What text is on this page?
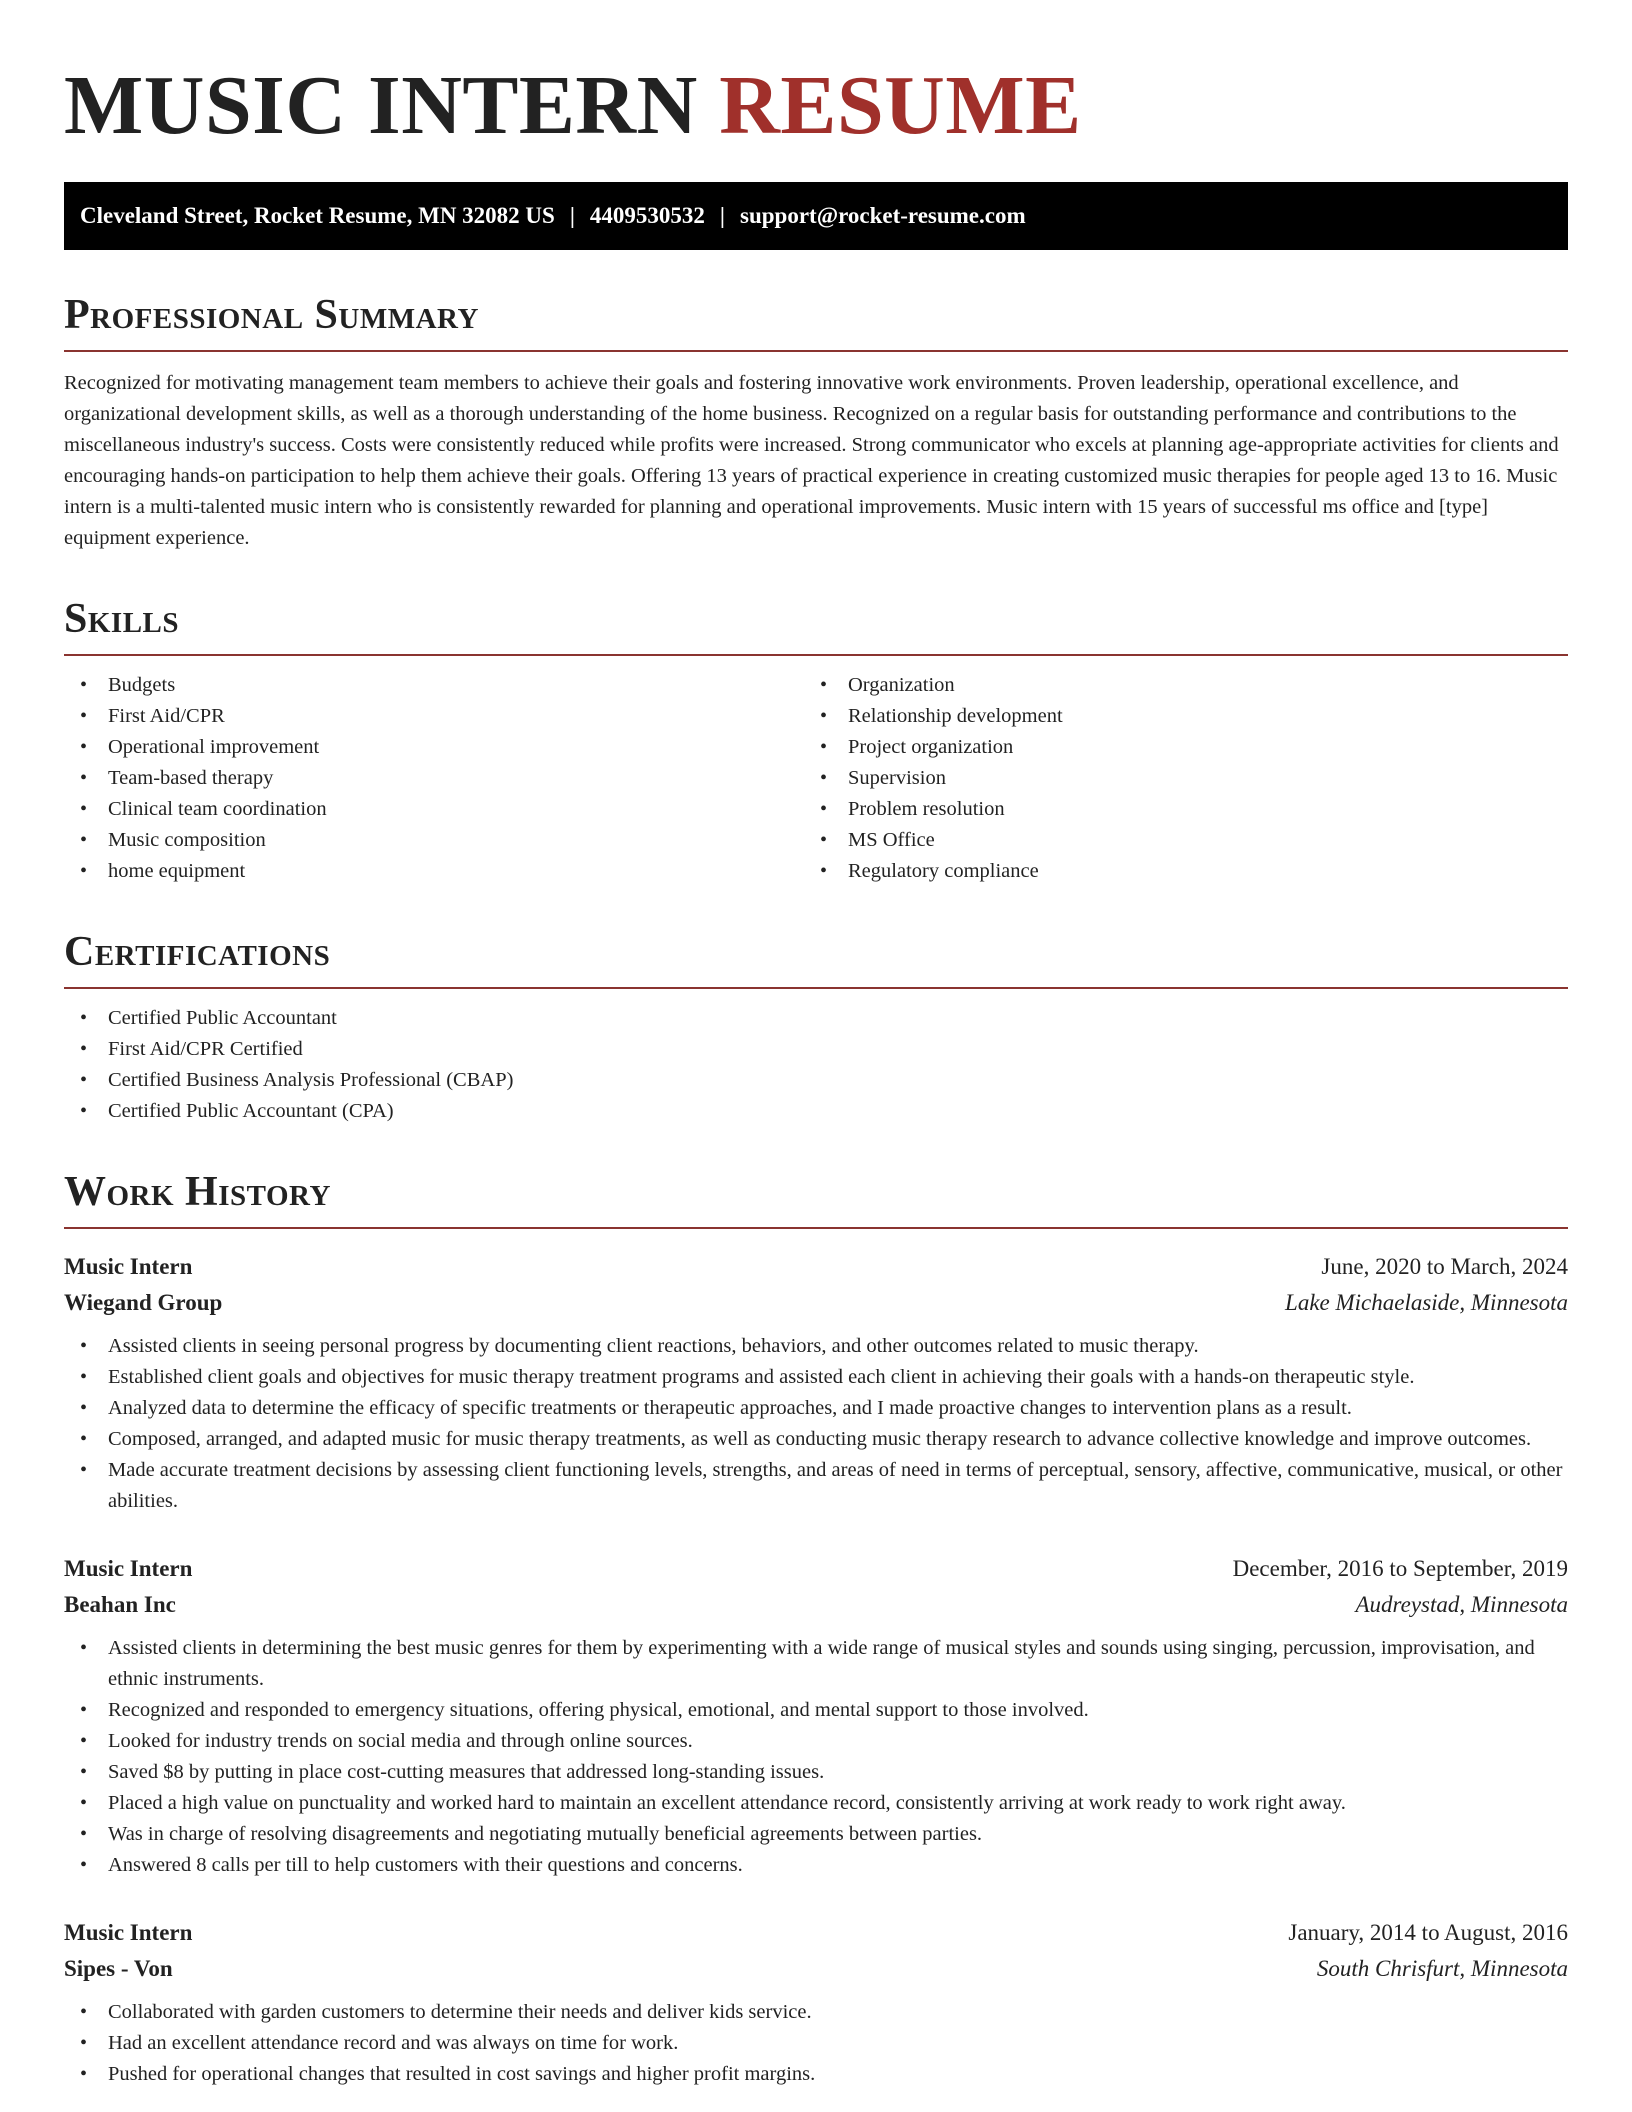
MUSIC INTERN RESUME
Cleveland Street, Rocket Resume, MN 32082 US | 4409530532 | support@rocket-resume.com
Professional Summary

Recognized for motivating management team members to achieve their goals and fostering innovative work environments. Proven leadership, operational excellence, and organizational development skills, as well as a thorough understanding of the home business. Recognized on a regular basis for outstanding performance and contributions to the miscellaneous industry's success. Costs were consistently reduced while profits were increased. Strong communicator who excels at planning age-appropriate activities for clients and encouraging hands-on participation to help them achieve their goals. Offering 13 years of practical experience in creating customized music therapies for people aged 13 to 16. Music intern is a multi-talented music intern who is consistently rewarded for planning and operational improvements. Music intern with 15 years of successful ms office and [type] equipment experience.

Skills
• Budgets
• First Aid/CPR
• Operational improvement
• Team-based therapy
• Clinical team coordination
• Music composition
• home equipment
• Organization
• Relationship development
• Project organization
• Supervision
• Problem resolution
• MS Office
• Regulatory compliance
Certifications
• Certified Public Accountant
• First Aid/CPR Certified
• Certified Business Analysis Professional (CBAP)
• Certified Public Accountant (CPA)
Work History
Music Intern	June, 2020 to March, 2024
Wiegand Group	Lake Michaelaside, Minnesota
• Assisted clients in seeing personal progress by documenting client reactions, behaviors, and other outcomes related to music therapy.
• Established client goals and objectives for music therapy treatment programs and assisted each client in achieving their goals with a hands-on therapeutic style.
• Analyzed data to determine the efficacy of specific treatments or therapeutic approaches, and I made proactive changes to intervention plans as a result.
• Composed, arranged, and adapted music for music therapy treatments, as well as conducting music therapy research to advance collective knowledge and improve outcomes.
• Made accurate treatment decisions by assessing client functioning levels, strengths, and areas of need in terms of perceptual, sensory, affective, communicative, musical, or other abilities.
Music Intern	December, 2016 to September, 2019
Beahan Inc	Audreystad, Minnesota
• Assisted clients in determining the best music genres for them by experimenting with a wide range of musical styles and sounds using singing, percussion, improvisation, and ethnic instruments.
• Recognized and responded to emergency situations, offering physical, emotional, and mental support to those involved.
• Looked for industry trends on social media and through online sources.
• Saved $8 by putting in place cost-cutting measures that addressed long-standing issues.
• Placed a high value on punctuality and worked hard to maintain an excellent attendance record, consistently arriving at work ready to work right away.
• Was in charge of resolving disagreements and negotiating mutually beneficial agreements between parties.
• Answered 8 calls per till to help customers with their questions and concerns.
Music Intern	January, 2014 to August, 2016
Sipes - Von	South Chrisfurt, Minnesota
• Collaborated with garden customers to determine their needs and deliver kids service.
• Had an excellent attendance record and was always on time for work.
• Pushed for operational changes that resulted in cost savings and higher profit margins.
